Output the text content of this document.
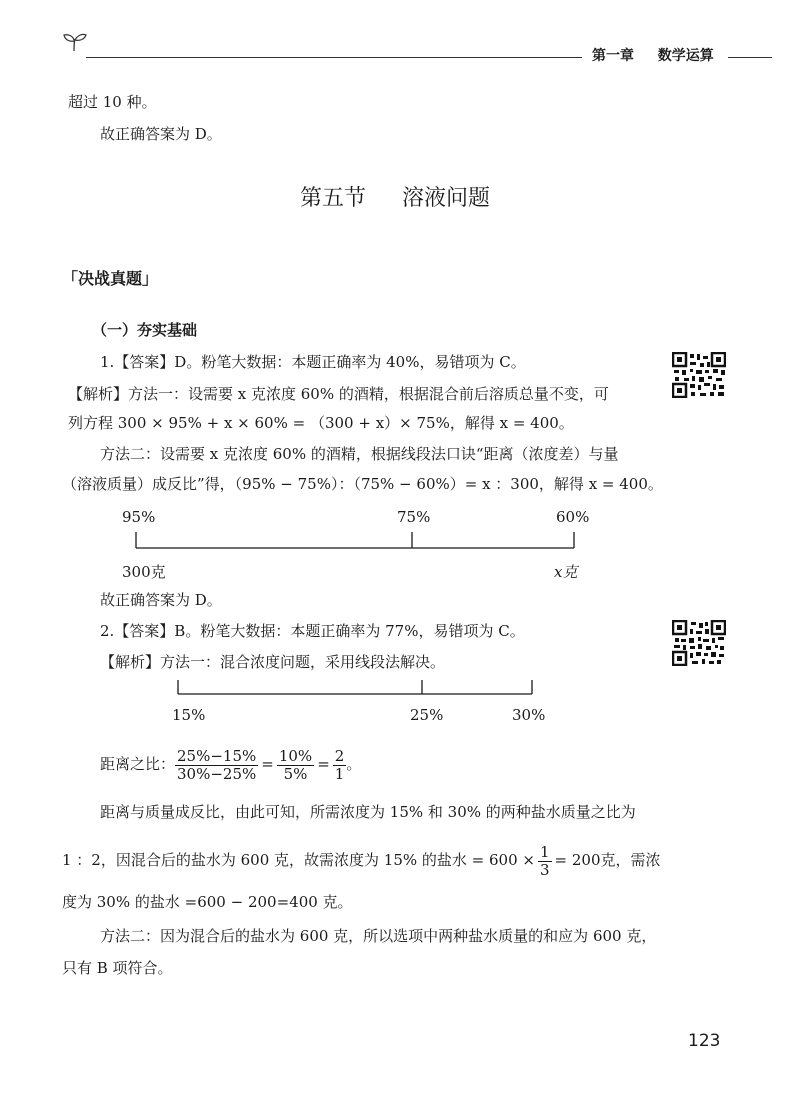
第一章 数学运算
超过 10 种。
故正确答案为 D。
第五节 溶液问题
「决战真题」
（一）夯实基础
1.【答案】D。粉笔大数据：本题正确率为 40%，易错项为 C。
【解析】方法一：设需要 x 克浓度 60% 的酒精，根据混合前后溶质总量不变，可
列方程 300 × 95% + x × 60% = （300 + x）× 75%，解得 x = 400。
方法二：设需要 x 克浓度 60% 的酒精，根据线段法口诀“距离（浓度差）与量
（溶液质量）成反比”得，（95% − 75%）：（75% − 60%）= x ：300，解得 x = 400。
95%	75%	60%
300克	x克
故正确答案为 D。
2.【答案】B。粉笔大数据：本题正确率为 77%，易错项为 C。
【解析】方法一：混合浓度问题，采用线段法解决。
15%	25%	30%
距离之比： $\frac{25\%-15\%}{30\%-25\%} = \frac{10\%}{5\%} = \frac{2}{1}$ 。
距离与质量成反比，由此可知，所需浓度为 15% 和 30% 的两种盐水质量之比为
1 ：2，因混合后的盐水为 600 克，故需浓度为 15% 的盐水 = $600 \times \frac{1}{3} = 200$克，需浓
度为 30% 的盐水 =600 − 200=400 克。
方法二：因为混合后的盐水为 600 克，所以选项中两种盐水质量的和应为 600 克，
只有 B 项符合。
123
